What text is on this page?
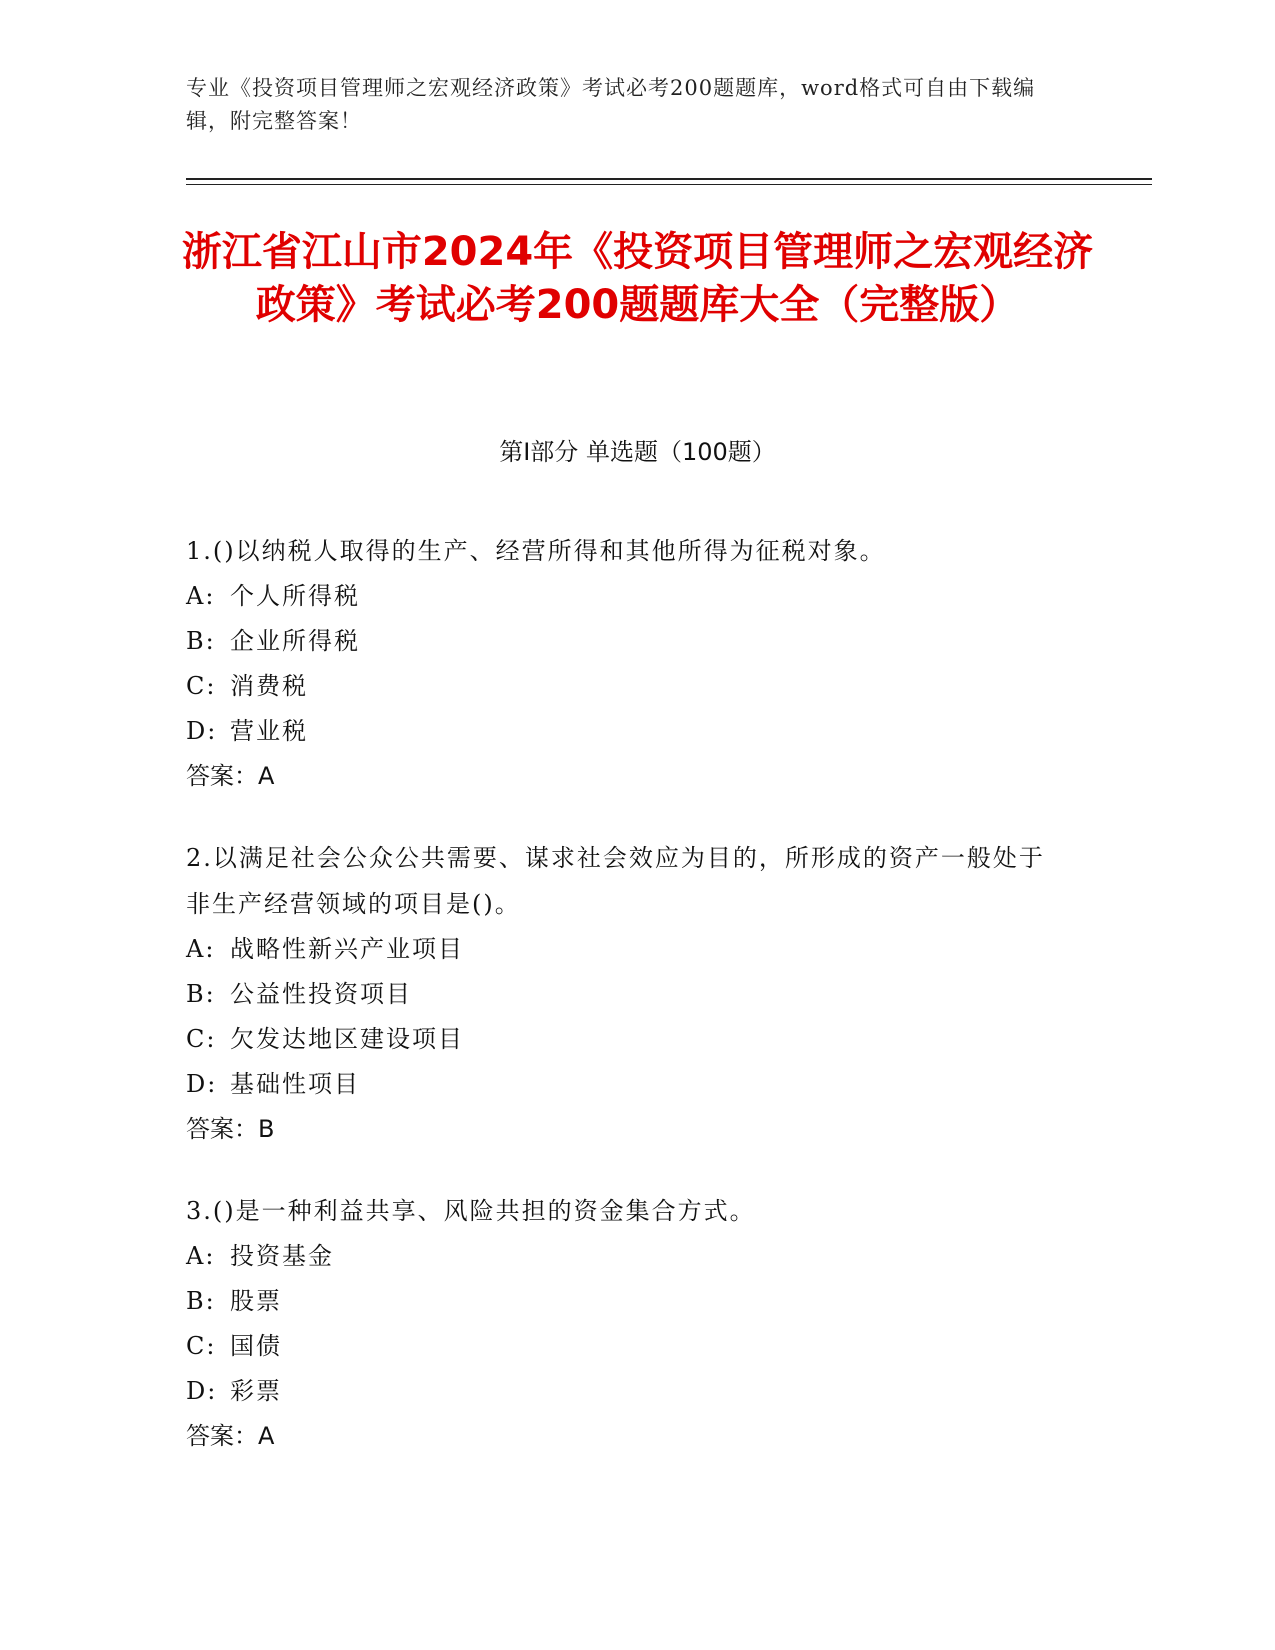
专业《投资项目管理师之宏观经济政策》考试必考200题题库，word格式可自由下载编辑，附完整答案！
浙江省江山市2024年《投资项目管理师之宏观经济政策》考试必考200题题库大全（完整版）
第Ⅰ部分 单选题（100题）
1.()以纳税人取得的生产、经营所得和其他所得为征税对象。
A: 个人所得税
B: 企业所得税
C: 消费税
D: 营业税
答案：A
2.以满足社会公众公共需要、谋求社会效应为目的，所形成的资产一般处于非生产经营领域的项目是()。
A: 战略性新兴产业项目
B: 公益性投资项目
C: 欠发达地区建设项目
D: 基础性项目
答案：B
3.()是一种利益共享、风险共担的资金集合方式。
A: 投资基金
B: 股票
C: 国债
D: 彩票
答案：A
